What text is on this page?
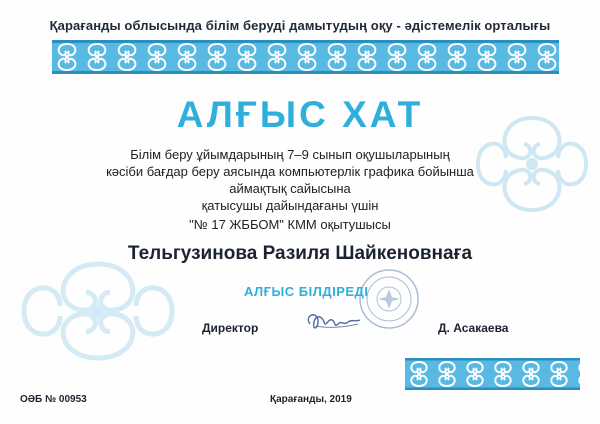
Қарағанды облысында білім беруді дамытудың оқу - әдістемелік орталығы
АЛҒЫС ХАТ
Білім беру ұйымдарының 7–9 сынып оқушыларының
кәсіби бағдар беру аясында компьютерлік графика бойынша
аймақтық сайысына
қатысушы дайындағаны үшін
"№ 17 ЖББОМ" КММ оқытушысы
Тельгузинова Разиля Шайкеновнаға
АЛҒЫС БІЛДІРЕДІ
Директор	Д. Асакаева
ОӘБ № 00953	Қарағанды, 2019
